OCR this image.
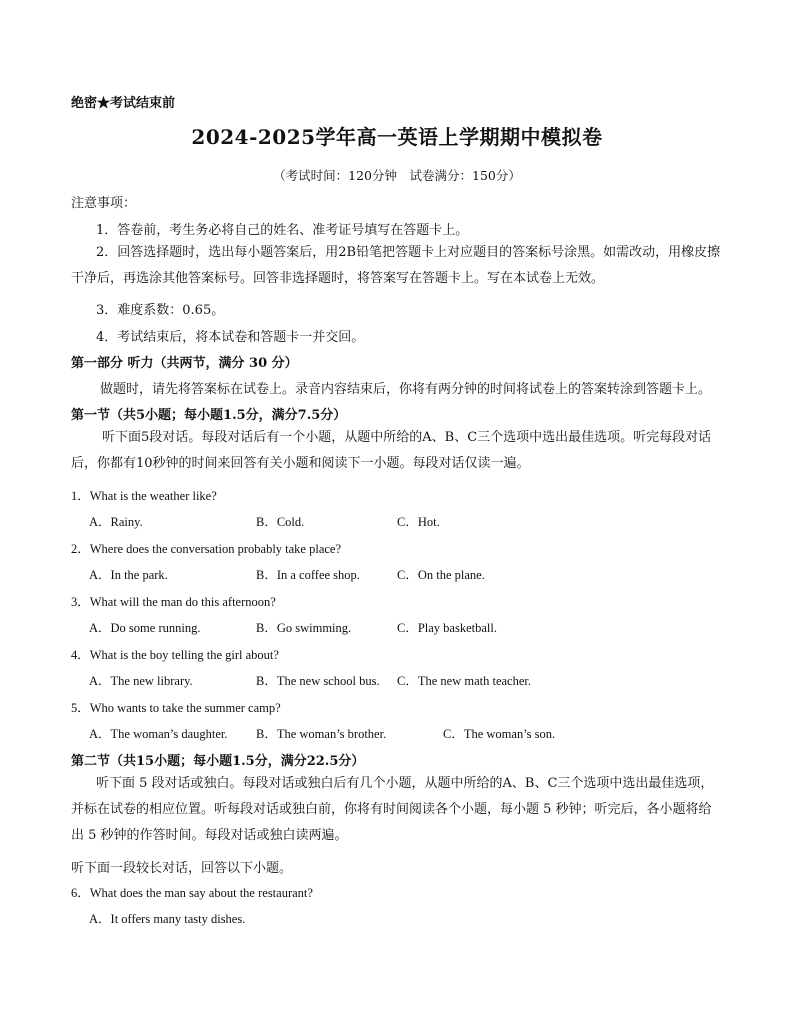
绝密★考试结束前
2024-2025学年高一英语上学期期中模拟卷
（考试时间：120分钟　试卷满分：150分）
注意事项：
1．答卷前，考生务必将自己的姓名、准考证号填写在答题卡上。
2．回答选择题时，选出每小题答案后，用2B铅笔把答题卡上对应题目的答案标号涂黑。如需改动，用橡皮擦干净后，再选涂其他答案标号。回答非选择题时，将答案写在答题卡上。写在本试卷上无效。
3．难度系数：0.65。
4．考试结束后，将本试卷和答题卡一并交回。
第一部分 听力（共两节，满分 30 分）
做题时，请先将答案标在试卷上。录音内容结束后，你将有两分钟的时间将试卷上的答案转涂到答题卡上。
第一节（共5小题；每小题1.5分，满分7.5分）
听下面5段对话。每段对话后有一个小题，从题中所给的A、B、C三个选项中选出最佳选项。听完每段对话后，你都有10秒钟的时间来回答有关小题和阅读下一小题。每段对话仅读一遍。
1．What is the weather like?
A．Rainy.	B．Cold.	C．Hot.
2．Where does the conversation probably take place?
A．In the park.	B．In a coffee shop.	C．On the plane.
3．What will the man do this afternoon?
A．Do some running.	B．Go swimming.	C．Play basketball.
4．What is the boy telling the girl about?
A．The new library.	B．The new school bus. C．The new math teacher.
5．Who wants to take the summer camp?
A．The woman’s daughter. B．The woman’s brother.	C．The woman’s son.
第二节（共15小题；每小题1.5分，满分22.5分）
听下面 5 段对话或独白。每段对话或独白后有几个小题，从题中所给的A、B、C三个选项中选出最佳选项，并标在试卷的相应位置。听每段对话或独白前，你将有时间阅读各个小题，每小题 5 秒钟；听完后，各小题将给出 5 秒钟的作答时间。每段对话或独白读两遍。
听下面一段较长对话，回答以下小题。
6．What does the man say about the restaurant?
A．It offers many tasty dishes.
